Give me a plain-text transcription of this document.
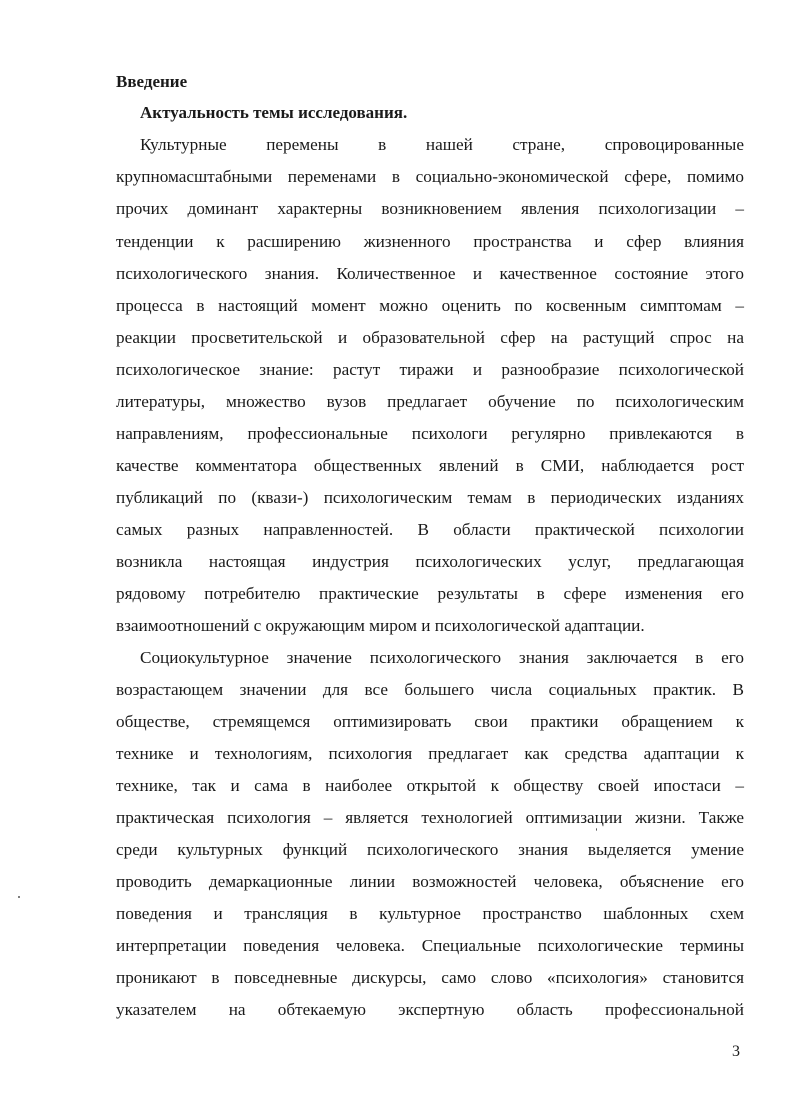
Введение
Актуальность темы исследования.
Культурные перемены в нашей стране, спровоцированные
крупномасштабными переменами в социально-экономической сфере, помимо
прочих доминант характерны возникновением явления психологизации –
тенденции к расширению жизненного пространства и сфер влияния
психологического знания. Количественное и качественное состояние этого
процесса в настоящий момент можно оценить по косвенным симптомам –
реакции просветительской и образовательной сфер на растущий спрос на
психологическое знание: растут тиражи и разнообразие психологической
литературы, множество вузов предлагает обучение по психологическим
направлениям, профессиональные психологи регулярно привлекаются в
качестве комментатора общественных явлений в СМИ, наблюдается рост
публикаций по (квази-) психологическим темам в периодических изданиях
самых разных направленностей. В области практической психологии
возникла настоящая индустрия психологических услуг, предлагающая
рядовому потребителю практические результаты в сфере изменения его
взаимоотношений с окружающим миром и психологической адаптации.
Социокультурное значение психологического знания заключается в его
возрастающем значении для все большего числа социальных практик. В
обществе, стремящемся оптимизировать свои практики обращением к
технике и технологиям, психология предлагает как средства адаптации к
технике, так и сама в наиболее открытой к обществу своей ипостаси –
практическая психология – является технологией оптимизации жизни. Также
среди культурных функций психологического знания выделяется умение
проводить демаркационные линии возможностей человека, объяснение его
поведения и трансляция в культурное пространство шаблонных схем
интерпретации поведения человека. Специальные психологические термины
проникают в повседневные дискурсы, само слово «психология» становится
указателем на обтекаемую экспертную область профессиональной
3
